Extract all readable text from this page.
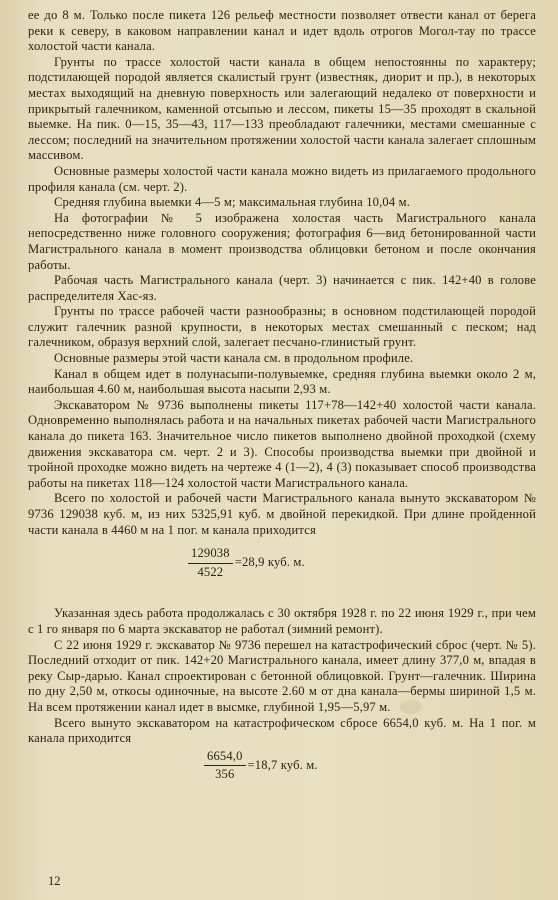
ее до 8 м. Только после пикета 126 рельеф местности позволяет отвести канал от берега реки к северу, в каковом направлении канал и идет вдоль отрогов Могол-тау по трассе холостой части канала.

Грунты по трассе холостой части канала в общем непостоянны по характеру; подстилающей породой является скалистый грунт (известняк, диорит и пр.), в некоторых местах выходящий на дневную поверхность или залегающий недалеко от поверхности и прикрытый галечником, каменной отсыпью и лессом, пикеты 15—35 проходят в скальной выемке. На пик. 0—15, 35—43, 117—133 преобладают галечники, местами смешанные с лессом; последний на значительном протяжении холостой части канала залегает сплошным массивом.

Основные размеры холостой части канала можно видеть из прилагаемого продольного профиля канала (см. черт. 2).

Средняя глубина выемки 4—5 м; максимальная глубина 10,04 м.

На фотографии № 5 изображена холостая часть Магистрального канала непосредственно ниже головного сооружения; фотография 6—вид бетонированной части Магистрального канала в момент производства облицовки бетоном и после окончания работы.

Рабочая часть Магистрального канала (черт. 3) начинается с пик. 142+40 в голове распределителя Хас-яз.

Грунты по трассе рабочей части разнообразны; в основном подстилающей породой служит галечник разной крупности, в некоторых местах смешанный с песком; над галечником, образуя верхний слой, залегает песчано-глинистый грунт.

Основные размеры этой части канала см. в продольном профиле.

Канал в общем идет в полунасыпи-полувыемке, средняя глубина выемки около 2 м, наибольшая 4.60 м, наибольшая высота насыпи 2,93 м.

Экскаватором № 9736 выполнены пикеты 117+78—142+40 холостой части канала. Одновременно выполнялась работа и на начальных пикетах рабочей части Магистрального канала до пикета 163. Значительное число пикетов выполнено двойной проходкой (схему движения экскаватора см. черт. 2 и 3). Способы производства выемки при двойной и тройной проходке можно видеть на чертеже 4 (1—2), 4 (3) показывает способ производства работы на пикетах 118—124 холостой части Магистрального канала.

Всего по холостой и рабочей части Магистрального канала вынуто экскаватором № 9736 129038 куб. м, из них 5325,91 куб. м двойной перекидкой. При длине пройденной части канала в 4460 м на 1 пог. м канала приходится

$\frac{129038}{4522} =28,9$ куб. м.

Указанная здесь работа продолжалась с 30 октября 1928 г. по 22 июня 1929 г., при чем с 1 го января по 6 марта экскаватор не работал (зимний ремонт).

С 22 июня 1929 г. экскаватор № 9736 перешел на катастрофический сброс (черт. № 5). Последний отходит от пик. 142+20 Магистрального канала, имеет длину 377,0 м, впадая в реку Сыр-дарью. Канал спроектирован с бетонной облицовкой. Грунт—галечник. Ширина по дну 2,50 м, откосы одиночные, на высоте 2.60 м от дна канала—бермы шириной 1,5 м. На всем протяжении канал идет в высмке, глубиной 1,95—5,97 м.

Всего вынуто экскаватором на катастрофическом сбросе 6654,0 куб. м. На 1 пог. м канала приходится

$\frac{6654,0}{356} =18,7$ куб. м.
12
